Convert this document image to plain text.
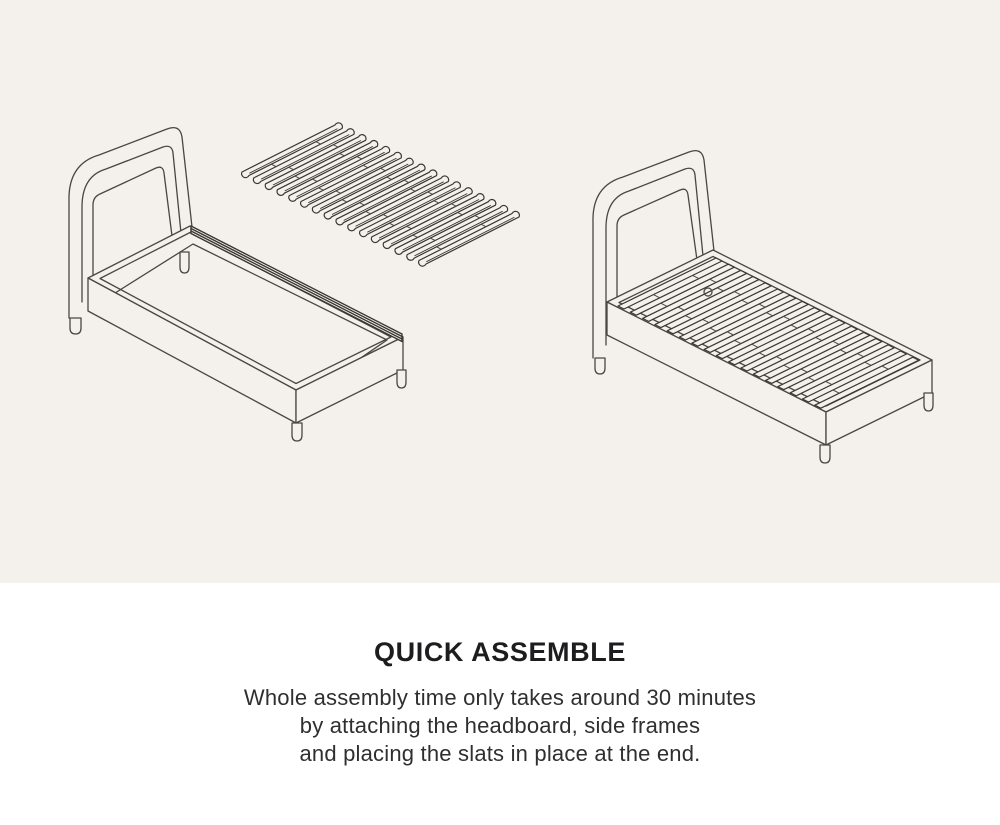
QUICK ASSEMBLE

Whole assembly time only takes around 30 minutes
by attaching the headboard, side frames
and placing the slats in place at the end.
